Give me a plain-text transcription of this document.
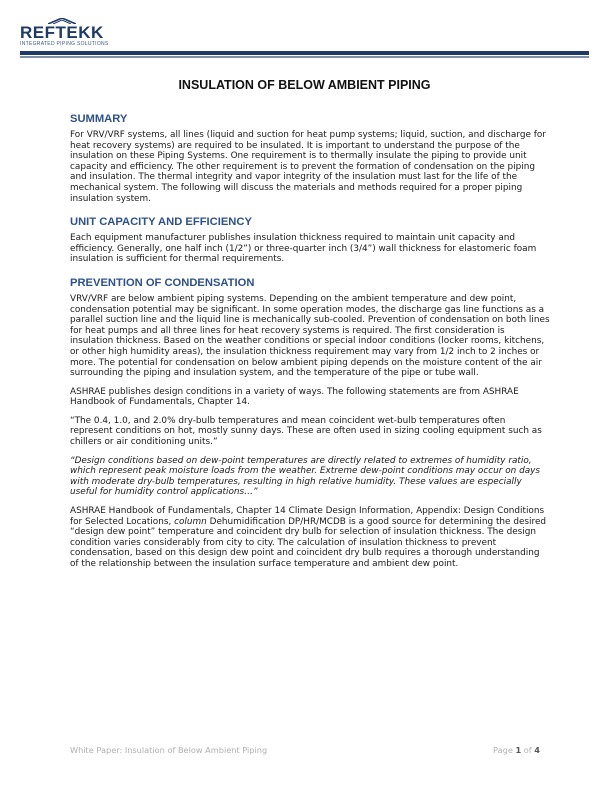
REFTEKK
INTEGRATED PIPING SOLUTIONS
INSULATION OF BELOW AMBIENT PIPING
SUMMARY

For VRV/VRF systems, all lines (liquid and suction for heat pump systems; liquid, suction, and discharge for heat recovery systems) are required to be insulated. It is important to understand the purpose of the insulation on these Piping Systems. One requirement is to thermally insulate the piping to provide unit capacity and efficiency. The other requirement is to prevent the formation of condensation on the piping and insulation. The thermal integrity and vapor integrity of the insulation must last for the life of the mechanical system. The following will discuss the materials and methods required for a proper piping insulation system.

UNIT CAPACITY AND EFFICIENCY

Each equipment manufacturer publishes insulation thickness required to maintain unit capacity and efficiency. Generally, one half inch (1/2”) or three-quarter inch (3/4”) wall thickness for elastomeric foam insulation is sufficient for thermal requirements.

PREVENTION OF CONDENSATION

VRV/VRF are below ambient piping systems. Depending on the ambient temperature and dew point, condensation potential may be significant. In some operation modes, the discharge gas line functions as a parallel suction line and the liquid line is mechanically sub-cooled. Prevention of condensation on both lines for heat pumps and all three lines for heat recovery systems is required. The first consideration is insulation thickness. Based on the weather conditions or special indoor conditions (locker rooms, kitchens, or other high humidity areas), the insulation thickness requirement may vary from 1/2 inch to 2 inches or more. The potential for condensation on below ambient piping depends on the moisture content of the air surrounding the piping and insulation system, and the temperature of the pipe or tube wall.

ASHRAE publishes design conditions in a variety of ways. The following statements are from ASHRAE Handbook of Fundamentals, Chapter 14.

“The 0.4, 1.0, and 2.0% dry-bulb temperatures and mean coincident wet-bulb temperatures often represent conditions on hot, mostly sunny days. These are often used in sizing cooling equipment such as chillers or air conditioning units.”

“Design conditions based on dew-point temperatures are directly related to extremes of humidity ratio, which represent peak moisture loads from the weather. Extreme dew-point conditions may occur on days with moderate dry-bulb temperatures, resulting in high relative humidity. These values are especially useful for humidity control applications…”

ASHRAE Handbook of Fundamentals, Chapter 14 Climate Design Information, Appendix: Design Conditions for Selected Locations, column Dehumidification DP/HR/MCDB is a good source for determining the desired “design dew point” temperature and coincident dry bulb for selection of insulation thickness. The design condition varies considerably from city to city. The calculation of insulation thickness to prevent condensation, based on this design dew point and coincident dry bulb requires a thorough understanding of the relationship between the insulation surface temperature and ambient dew point.

White Paper: Insulation of Below Ambient Piping	Page 1 of 4
